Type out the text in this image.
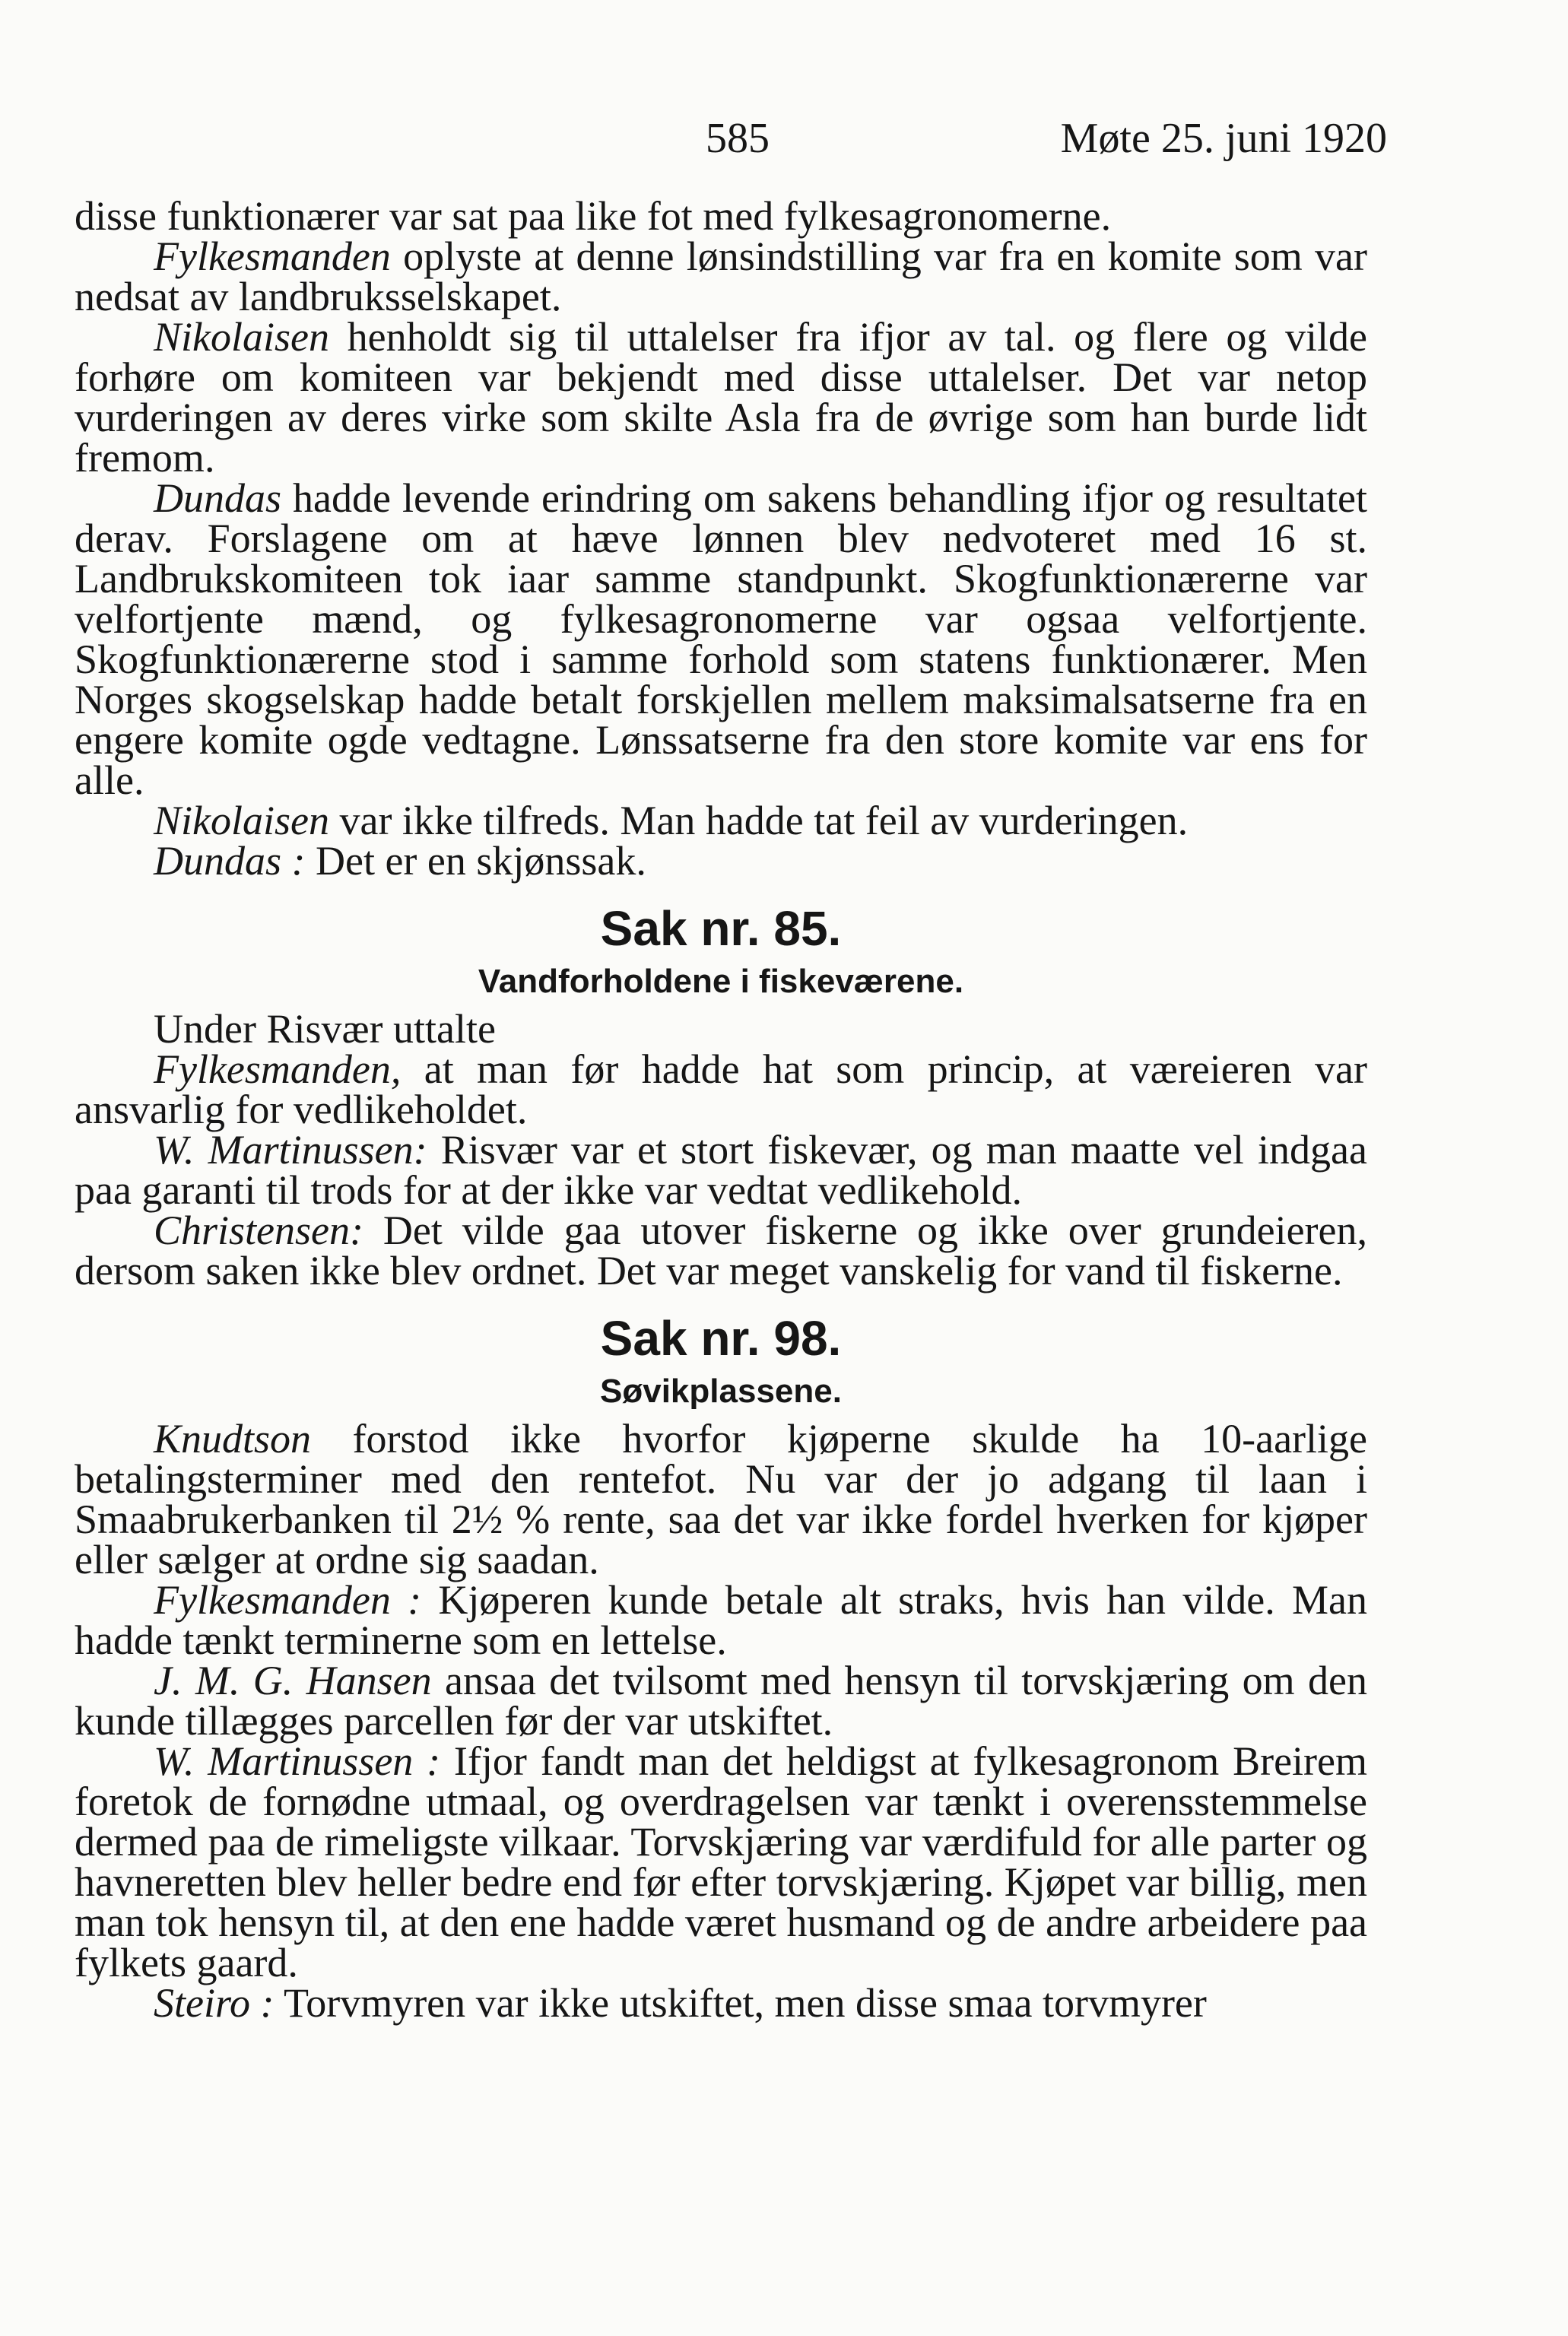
585	Møte 25. juni 1920

disse funktionærer var sat paa like fot med fylkesagronomerne.

Fylkesmanden oplyste at denne lønsindstilling var fra en komite som var nedsat av landbruksselskapet.

Nikolaisen henholdt sig til uttalelser fra ifjor av tal. og flere og vilde forhøre om komiteen var bekjendt med disse uttalelser. Det var netop vurderingen av deres virke som skilte Asla fra de øvrige som han burde lidt fremom.

Dundas hadde levende erindring om sakens behandling ifjor og resultatet derav. Forslagene om at hæve lønnen blev nedvoteret med 16 st. Landbrukskomiteen tok iaar samme standpunkt. Skogfunktionærerne var velfortjente mænd, og fylkesagronomerne var ogsaa velfortjente. Skogfunktionærerne stod i samme forhold som statens funktionærer. Men Norges skogselskap hadde betalt forskjellen mellem maksimalsatserne fra en engere komite ogde vedtagne. Lønssatserne fra den store komite var ens for alle.

Nikolaisen var ikke tilfreds. Man hadde tat feil av vurderingen.

Dundas : Det er en skjønssak.

Sak nr. 85.
Vandforholdene i fiskeværene.

Under Risvær uttalte

Fylkesmanden, at man før hadde hat som princip, at væreieren var ansvarlig for vedlikeholdet.

W. Martinussen: Risvær var et stort fiskevær, og man maatte vel indgaa paa garanti til trods for at der ikke var vedtat vedlikehold.

Christensen: Det vilde gaa utover fiskerne og ikke over grundeieren, dersom saken ikke blev ordnet. Det var meget vanskelig for vand til fiskerne.

Sak nr. 98.
Søvikplassene.

Knudtson forstod ikke hvorfor kjøperne skulde ha 10-aarlige betalingsterminer med den rentefot. Nu var der jo adgang til laan i Smaabrukerbanken til 2½ % rente, saa det var ikke fordel hverken for kjøper eller sælger at ordne sig saadan.

Fylkesmanden : Kjøperen kunde betale alt straks, hvis han vilde. Man hadde tænkt terminerne som en lettelse.

J. M. G. Hansen ansaa det tvilsomt med hensyn til torvskjæring om den kunde tillægges parcellen før der var utskiftet.

W. Martinussen : Ifjor fandt man det heldigst at fylkesagronom Breirem foretok de fornødne utmaal, og overdragelsen var tænkt i overensstemmelse dermed paa de rimeligste vilkaar. Torvskjæring var værdifuld for alle parter og havneretten blev heller bedre end før efter torvskjæring. Kjøpet var billig, men man tok hensyn til, at den ene hadde været husmand og de andre arbeidere paa fylkets gaard.

Steiro : Torvmyren var ikke utskiftet, men disse smaa torvmyrer
